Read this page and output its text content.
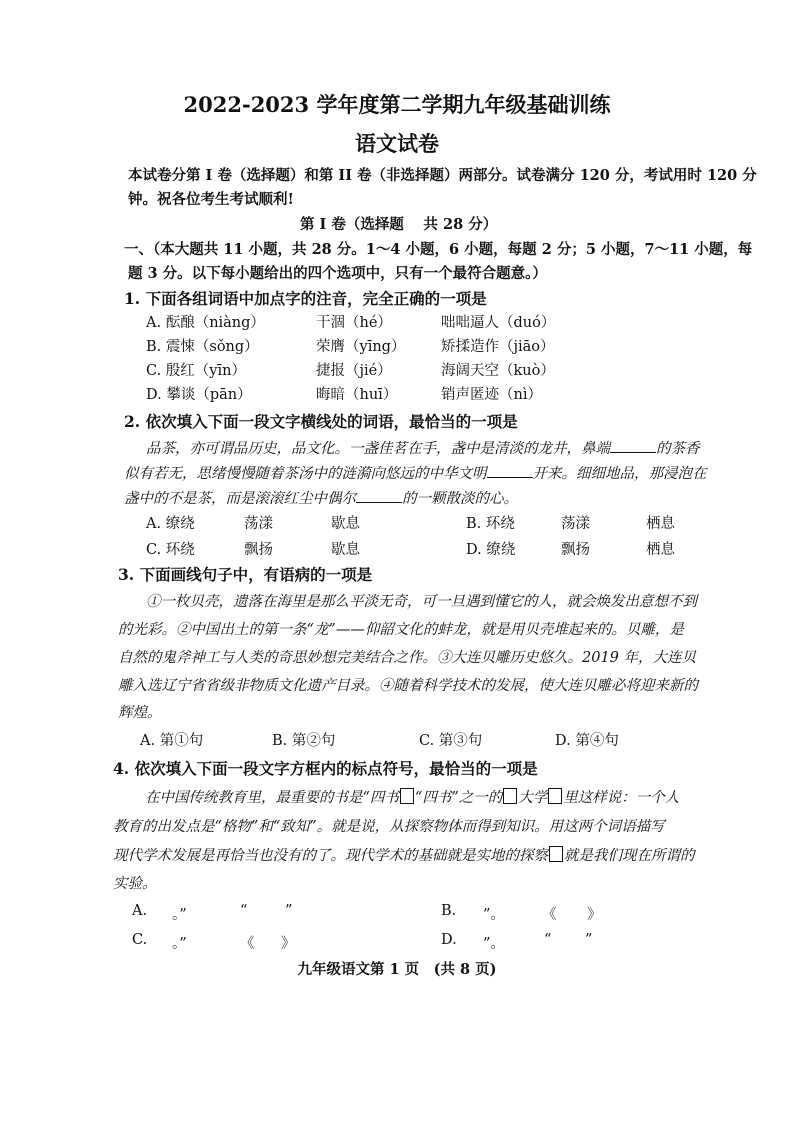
2022-2023 学年度第二学期九年级基础训练
语文试卷
本试卷分第 I 卷（选择题）和第 II 卷（非选择题）两部分。试卷满分 120 分，考试用时 120 分
钟。祝各位考生考试顺利!
第 I 卷（选择题　 共 28 分）
一、（本大题共 11 小题，共 28 分。1～4 小题，6 小题，每题 2 分；5 小题，7～11 小题，每
题 3 分。以下每小题给出的四个选项中，只有一个最符合题意。）
1. 下面各组词语中加点字的注音，完全正确的一项是
A. 酝酿（niàng）	干涸（hé）	咄咄逼人（duó）
B. 震悚（sǒng）	荣膺（yīng） 矫揉造作（jiāo）
C. 殷红（yīn）	捷报（jié）	海阔天空（kuò）
D. 攀谈（pān）	晦暗（huī）	销声匿迹（nì）
2. 依次填入下面一段文字横线处的词语，最恰当的一项是
品茶，亦可谓品历史，品文化。一盏佳茗在手，盏中是清淡的龙井，鼻端	的茶香
似有若无，思绪慢慢随着茶汤中的涟漪向悠远的中华文明	开来。细细地品，那浸泡在
盏中的不是茶，而是滚滚红尘中偶尔	的一颗散淡的心。
A. 缭绕	荡漾	歇息	B. 环绕	荡漾	栖息
C. 环绕	飘扬	歇息	D. 缭绕	飘扬	栖息
3. 下面画线句子中，有语病的一项是
①一枚贝壳，遗落在海里是那么平淡无奇，可一旦遇到懂它的人，就会焕发出意想不到
的光彩。②中国出土的第一条“龙”——仰韶文化的蚌龙，就是用贝壳堆起来的。贝雕，是
自然的鬼斧神工与人类的奇思妙想完美结合之作。③大连贝雕历史悠久。2019 年，大连贝
雕入选辽宁省省级非物质文化遗产目录。④随着科学技术的发展，使大连贝雕必将迎来新的
辉煌。
A. 第①句	B. 第②句	C. 第③句	D. 第④句
4. 依次填入下面一段文字方框内的标点符号，最恰当的一项是
在中国传统教育里，最重要的书是“四书 “四书”之一的 大学 里这样说：一个人
教育的出发点是“格物”和“致知”。就是说，从探察物体而得到知识。用这两个词语描写
现代学术发展是再恰当也没有的了。现代学术的基础就是实地的探察 就是我们现在所谓的
实验。
A. 。”	“	”	B. ”。	《 》
C. 。”	《 》	D. ”。	“ ”
九年级语文第 1 页　(共 8 页)
